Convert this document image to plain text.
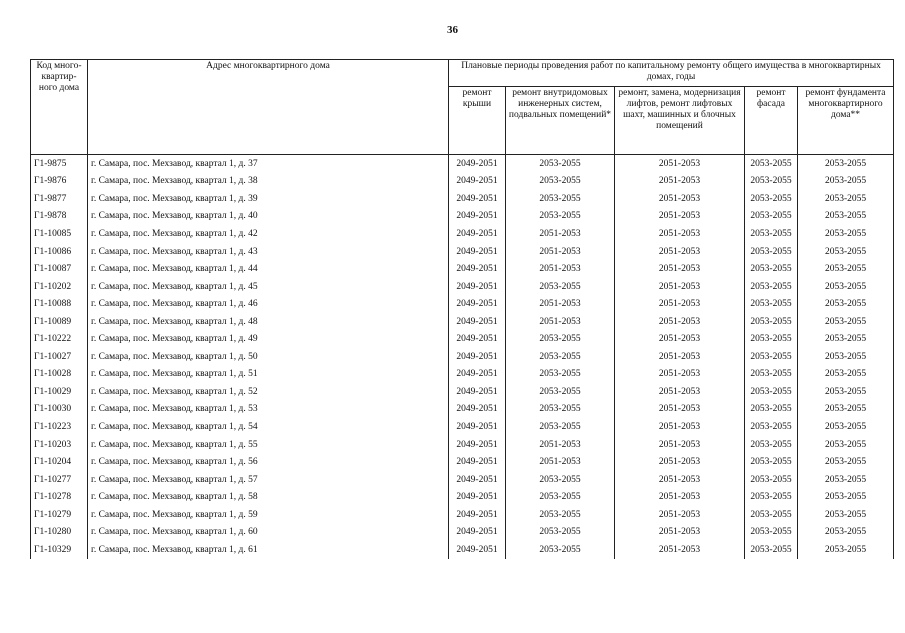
36
Код много-квартир-ного дома	Адрес многоквартирного дома	Плановые периоды проведения работ по капитальному ремонту общего имущества в многоквартирных домах, годы				
		ремонт крыши	ремонт внутридомовых инженерных систем, подвальных помещений*	ремонт, замена, модернизация лифтов, ремонт лифтовых шахт, машинных и блочных помещений	ремонт фасада	ремонт фундамента многоквартирного дома**
Г1-9875	г. Самара, пос. Мехзавод, квартал 1, д. 37	2049-2051	2053-2055	2051-2053	2053-2055	2053-2055
Г1-9876	г. Самара, пос. Мехзавод, квартал 1, д. 38	2049-2051	2053-2055	2051-2053	2053-2055	2053-2055
Г1-9877	г. Самара, пос. Мехзавод, квартал 1, д. 39	2049-2051	2053-2055	2051-2053	2053-2055	2053-2055
Г1-9878	г. Самара, пос. Мехзавод, квартал 1, д. 40	2049-2051	2053-2055	2051-2053	2053-2055	2053-2055
Г1-10085	г. Самара, пос. Мехзавод, квартал 1, д. 42	2049-2051	2051-2053	2051-2053	2053-2055	2053-2055
Г1-10086	г. Самара, пос. Мехзавод, квартал 1, д. 43	2049-2051	2051-2053	2051-2053	2053-2055	2053-2055
Г1-10087	г. Самара, пос. Мехзавод, квартал 1, д. 44	2049-2051	2051-2053	2051-2053	2053-2055	2053-2055
Г1-10202	г. Самара, пос. Мехзавод, квартал 1, д. 45	2049-2051	2053-2055	2051-2053	2053-2055	2053-2055
Г1-10088	г. Самара, пос. Мехзавод, квартал 1, д. 46	2049-2051	2051-2053	2051-2053	2053-2055	2053-2055
Г1-10089	г. Самара, пос. Мехзавод, квартал 1, д. 48	2049-2051	2051-2053	2051-2053	2053-2055	2053-2055
Г1-10222	г. Самара, пос. Мехзавод, квартал 1, д. 49	2049-2051	2053-2055	2051-2053	2053-2055	2053-2055
Г1-10027	г. Самара, пос. Мехзавод, квартал 1, д. 50	2049-2051	2053-2055	2051-2053	2053-2055	2053-2055
Г1-10028	г. Самара, пос. Мехзавод, квартал 1, д. 51	2049-2051	2053-2055	2051-2053	2053-2055	2053-2055
Г1-10029	г. Самара, пос. Мехзавод, квартал 1, д. 52	2049-2051	2053-2055	2051-2053	2053-2055	2053-2055
Г1-10030	г. Самара, пос. Мехзавод, квартал 1, д. 53	2049-2051	2053-2055	2051-2053	2053-2055	2053-2055
Г1-10223	г. Самара, пос. Мехзавод, квартал 1, д. 54	2049-2051	2053-2055	2051-2053	2053-2055	2053-2055
Г1-10203	г. Самара, пос. Мехзавод, квартал 1, д. 55	2049-2051	2051-2053	2051-2053	2053-2055	2053-2055
Г1-10204	г. Самара, пос. Мехзавод, квартал 1, д. 56	2049-2051	2051-2053	2051-2053	2053-2055	2053-2055
Г1-10277	г. Самара, пос. Мехзавод, квартал 1, д. 57	2049-2051	2053-2055	2051-2053	2053-2055	2053-2055
Г1-10278	г. Самара, пос. Мехзавод, квартал 1, д. 58	2049-2051	2053-2055	2051-2053	2053-2055	2053-2055
Г1-10279	г. Самара, пос. Мехзавод, квартал 1, д. 59	2049-2051	2053-2055	2051-2053	2053-2055	2053-2055
Г1-10280	г. Самара, пос. Мехзавод, квартал 1, д. 60	2049-2051	2053-2055	2051-2053	2053-2055	2053-2055
Г1-10329	г. Самара, пос. Мехзавод, квартал 1, д. 61	2049-2051	2053-2055	2051-2053	2053-2055	2053-2055
